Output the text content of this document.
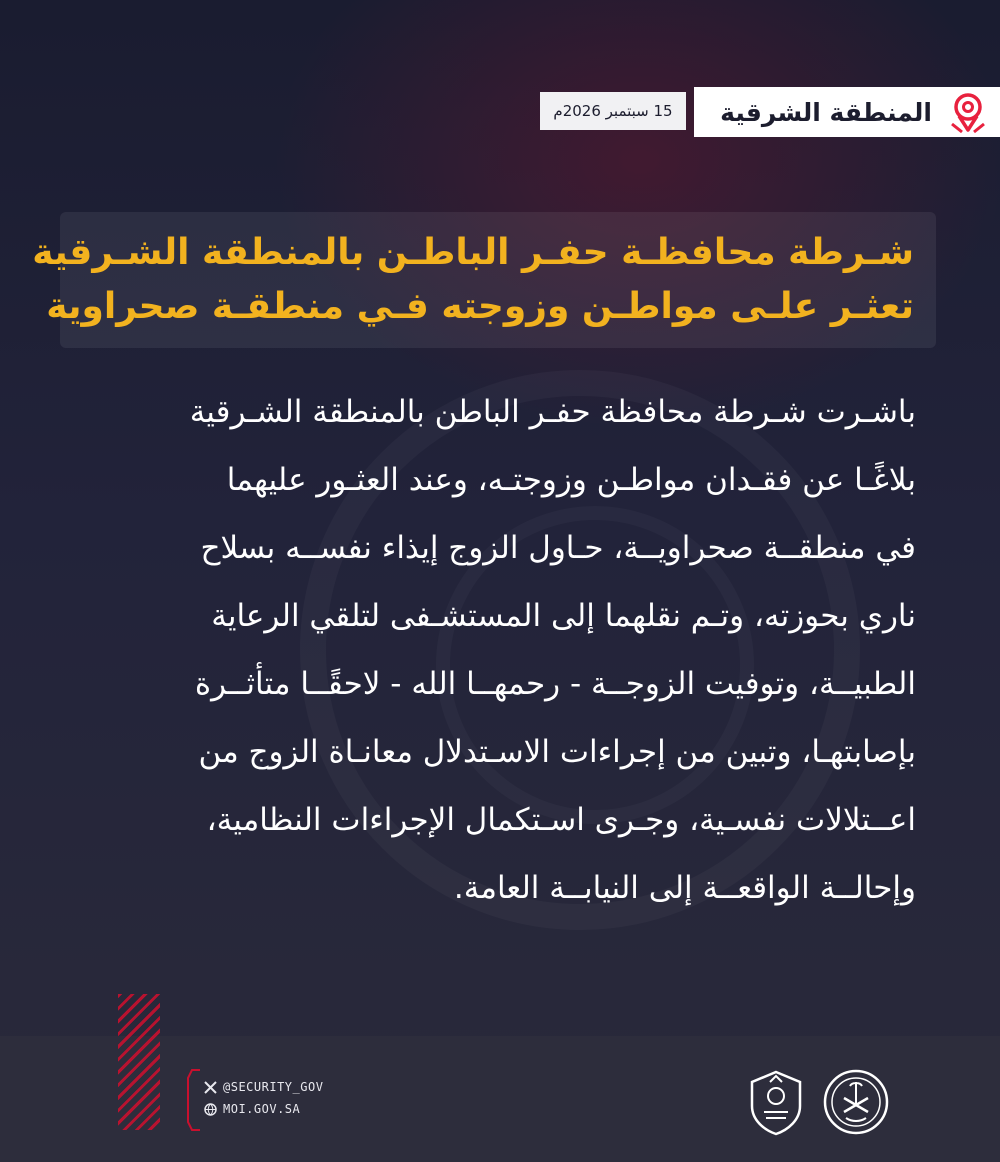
15 سبتمبر 2026م المنطقة الشرقية
شـرطة محافظـة حفـر الباطـن بالمنطقة الشـرقية
تعثـر علـى مواطـن وزوجته فـي منطقـة صحراوية
باشـرت شـرطة محافظة حفـر الباطن بالمنطقة الشـرقية
بلاغًـا عن فقـدان مواطـن وزوجتـه، وعند العثـور عليهما
في منطقــة صحراويــة، حـاول الزوج إيذاء نفســه بسلاح
ناري بحوزته، وتـم نقلهما إلى المستشـفى لتلقي الرعاية
الطبيــة، وتوفيت الزوجــة - رحمهــا الله - لاحقًــا متأثــرة
بإصابتهـا، وتبين من إجراءات الاسـتدلال معانـاة الزوج من
اعــتلالات نفسـية، وجـرى اسـتكمال الإجراءات النظامية،
وإحالــة الواقعــة إلى النيابــة العامة.
@SECURITY_GOV
MOI.GOV.SA
